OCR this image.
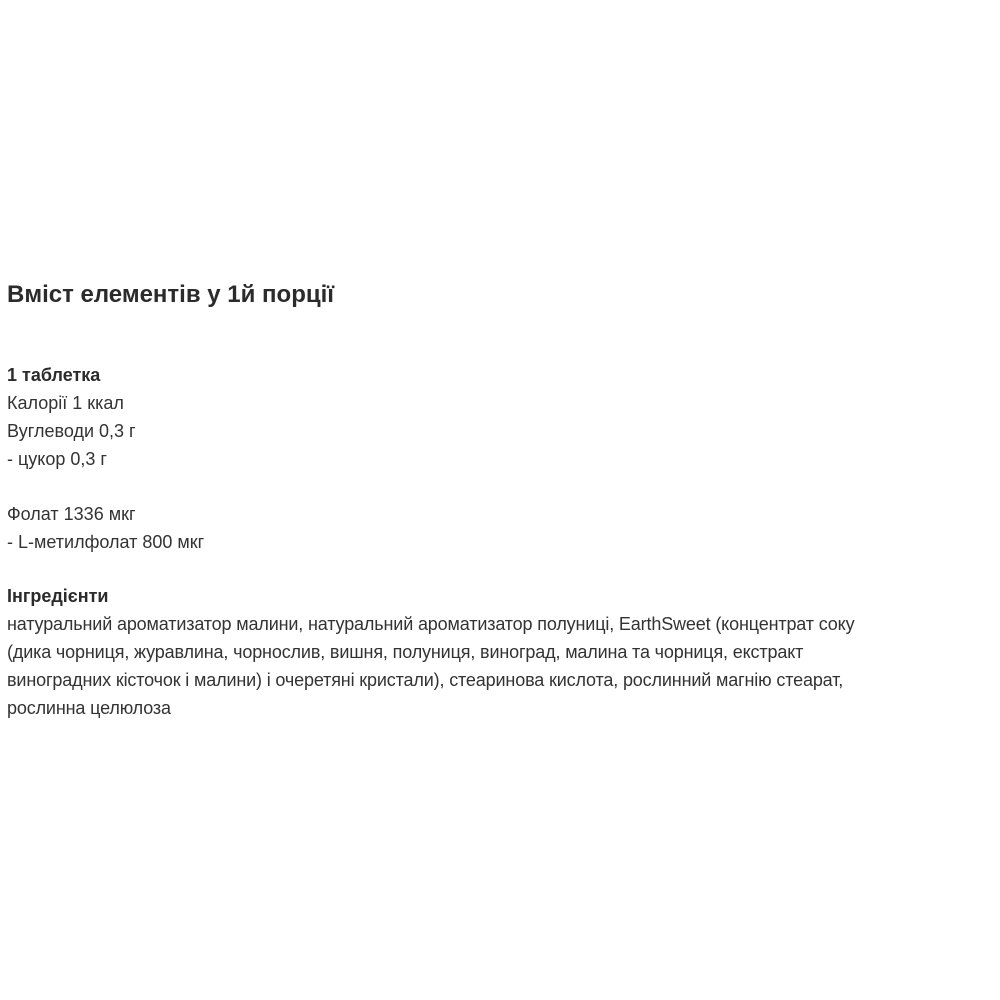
Вміст елементів у 1й порції
1 таблетка
Калорії 1 ккал
Вуглеводи 0,3 г
- цукор 0,3 г
Фолат 1336 мкг
- L-метилфолат 800 мкг
Інгредієнти
натуральний ароматизатор малини, натуральний ароматизатор полуниці, EarthSweet (концентрат соку
(дика чорниця, журавлина, чорнослив, вишня, полуниця, виноград, малина та чорниця, екстракт
виноградних кісточок і малини) і очеретяні кристали), стеаринова кислота, рослинний магнію стеарат,
рослинна целюлоза
